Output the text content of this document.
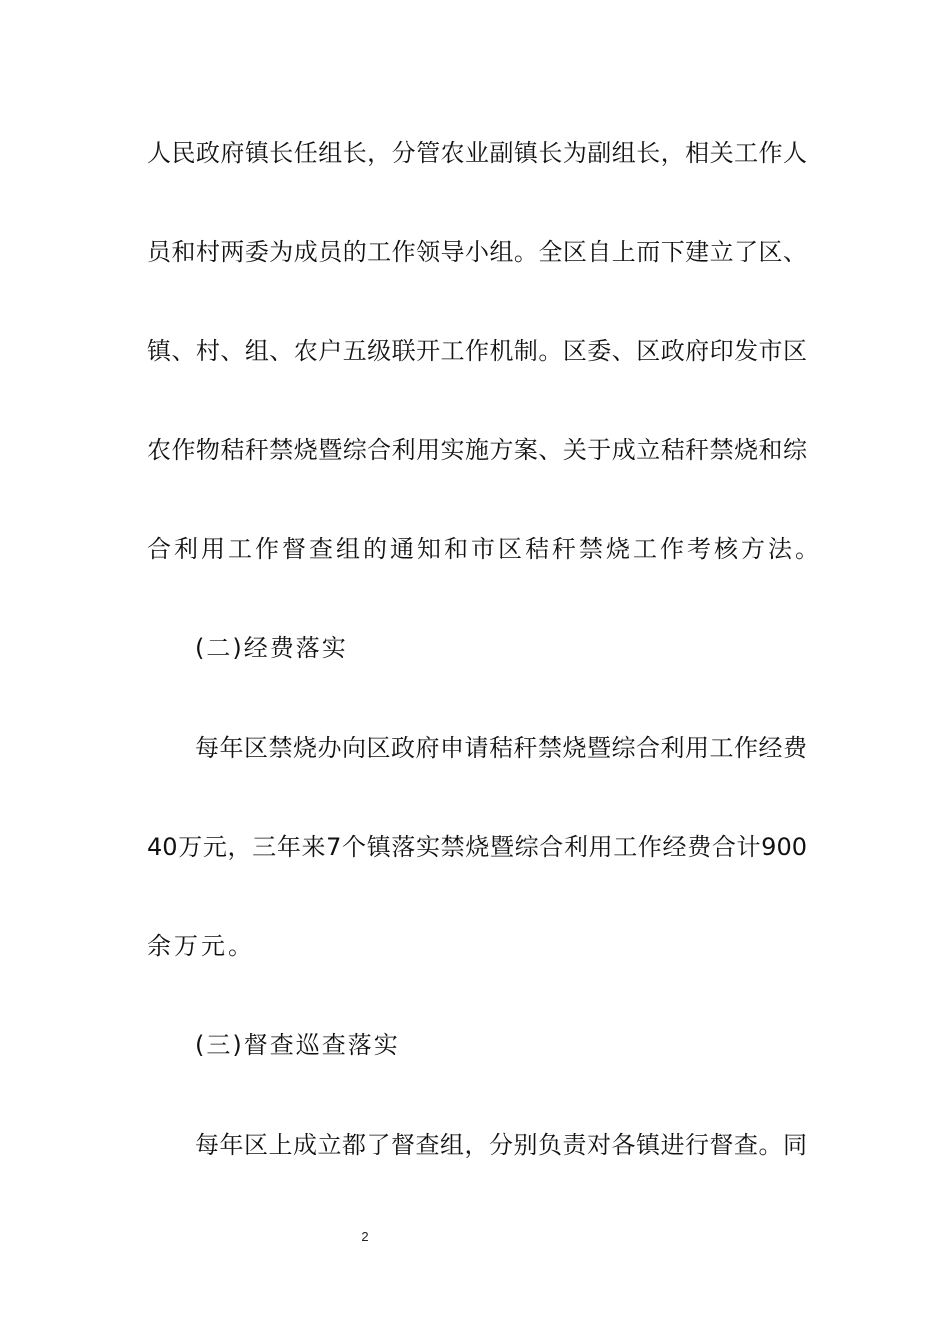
人民政府镇长任组长，分管农业副镇长为副组长，相关工作人
员和村两委为成员的工作领导小组。全区自上而下建立了区、
镇、村、组、农户五级联开工作机制。区委、区政府印发市区
农作物秸秆禁烧暨综合利用实施方案、关于成立秸秆禁烧和综
合利用工作督查组的通知和市区秸秆禁烧工作考核方法。
(二)经费落实
每年区禁烧办向区政府申请秸秆禁烧暨综合利用工作经费
40万元，三年来7个镇落实禁烧暨综合利用工作经费合计900
余万元。
(三)督查巡查落实
每年区上成立都了督查组，分别负责对各镇进行督查。同
2
